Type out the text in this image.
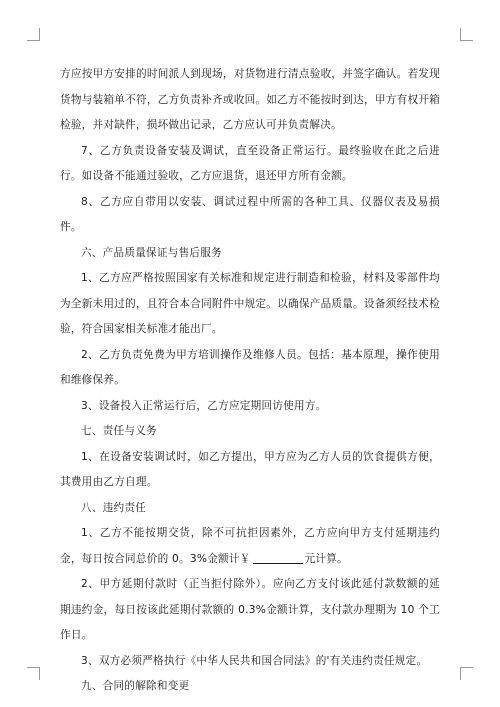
方应按甲方安排的时间派人到现场，对货物进行清点验收，并签字确认。若发现货物与装箱单不符，乙方负责补齐或收回。如乙方不能按时到达，甲方有权开箱检验，并对缺件，损坏做出记录，乙方应认可并负责解决。

7、乙方负责设备安装及调试，直至设备正常运行。最终验收在此之后进行。如设备不能通过验收，乙方应退货，退还甲方所有金额。

8、乙方应自带用以安装、调试过程中所需的各种工具、仪器仪表及易损件。

六、产品质量保证与售后服务

1、乙方应严格按照国家有关标准和规定进行制造和检验，材料及零部件均为全新未用过的，且符合本合同附件中规定。以确保产品质量。设备须经技术检验，符合国家相关标准才能出厂。

2、乙方负责免费为甲方培训操作及维修人员。包括：基本原理，操作使用和维修保养。

3、设备投入正常运行后，乙方应定期回访使用方。

七、责任与义务

1、在设备安装调试时，如乙方提出，甲方应为乙方人员的饮食提供方便，其费用由乙方自理。

八、违约责任

1、乙方不能按期交货，除不可抗拒因素外，乙方应向甲方支付延期违约金，每日按合同总价的 0。3%金额计￥	元计算。

2、甲方延期付款时（正当拒付除外）。应向乙方支付该此延付款数额的延期违约金，每日按该此延期付款额的 0.3%金额计算，支付款办理期为 10 个工作日。

3、双方必须严格执行《中华人民共和国合同法》的'有关违约责任规定。

九、合同的解除和变更
